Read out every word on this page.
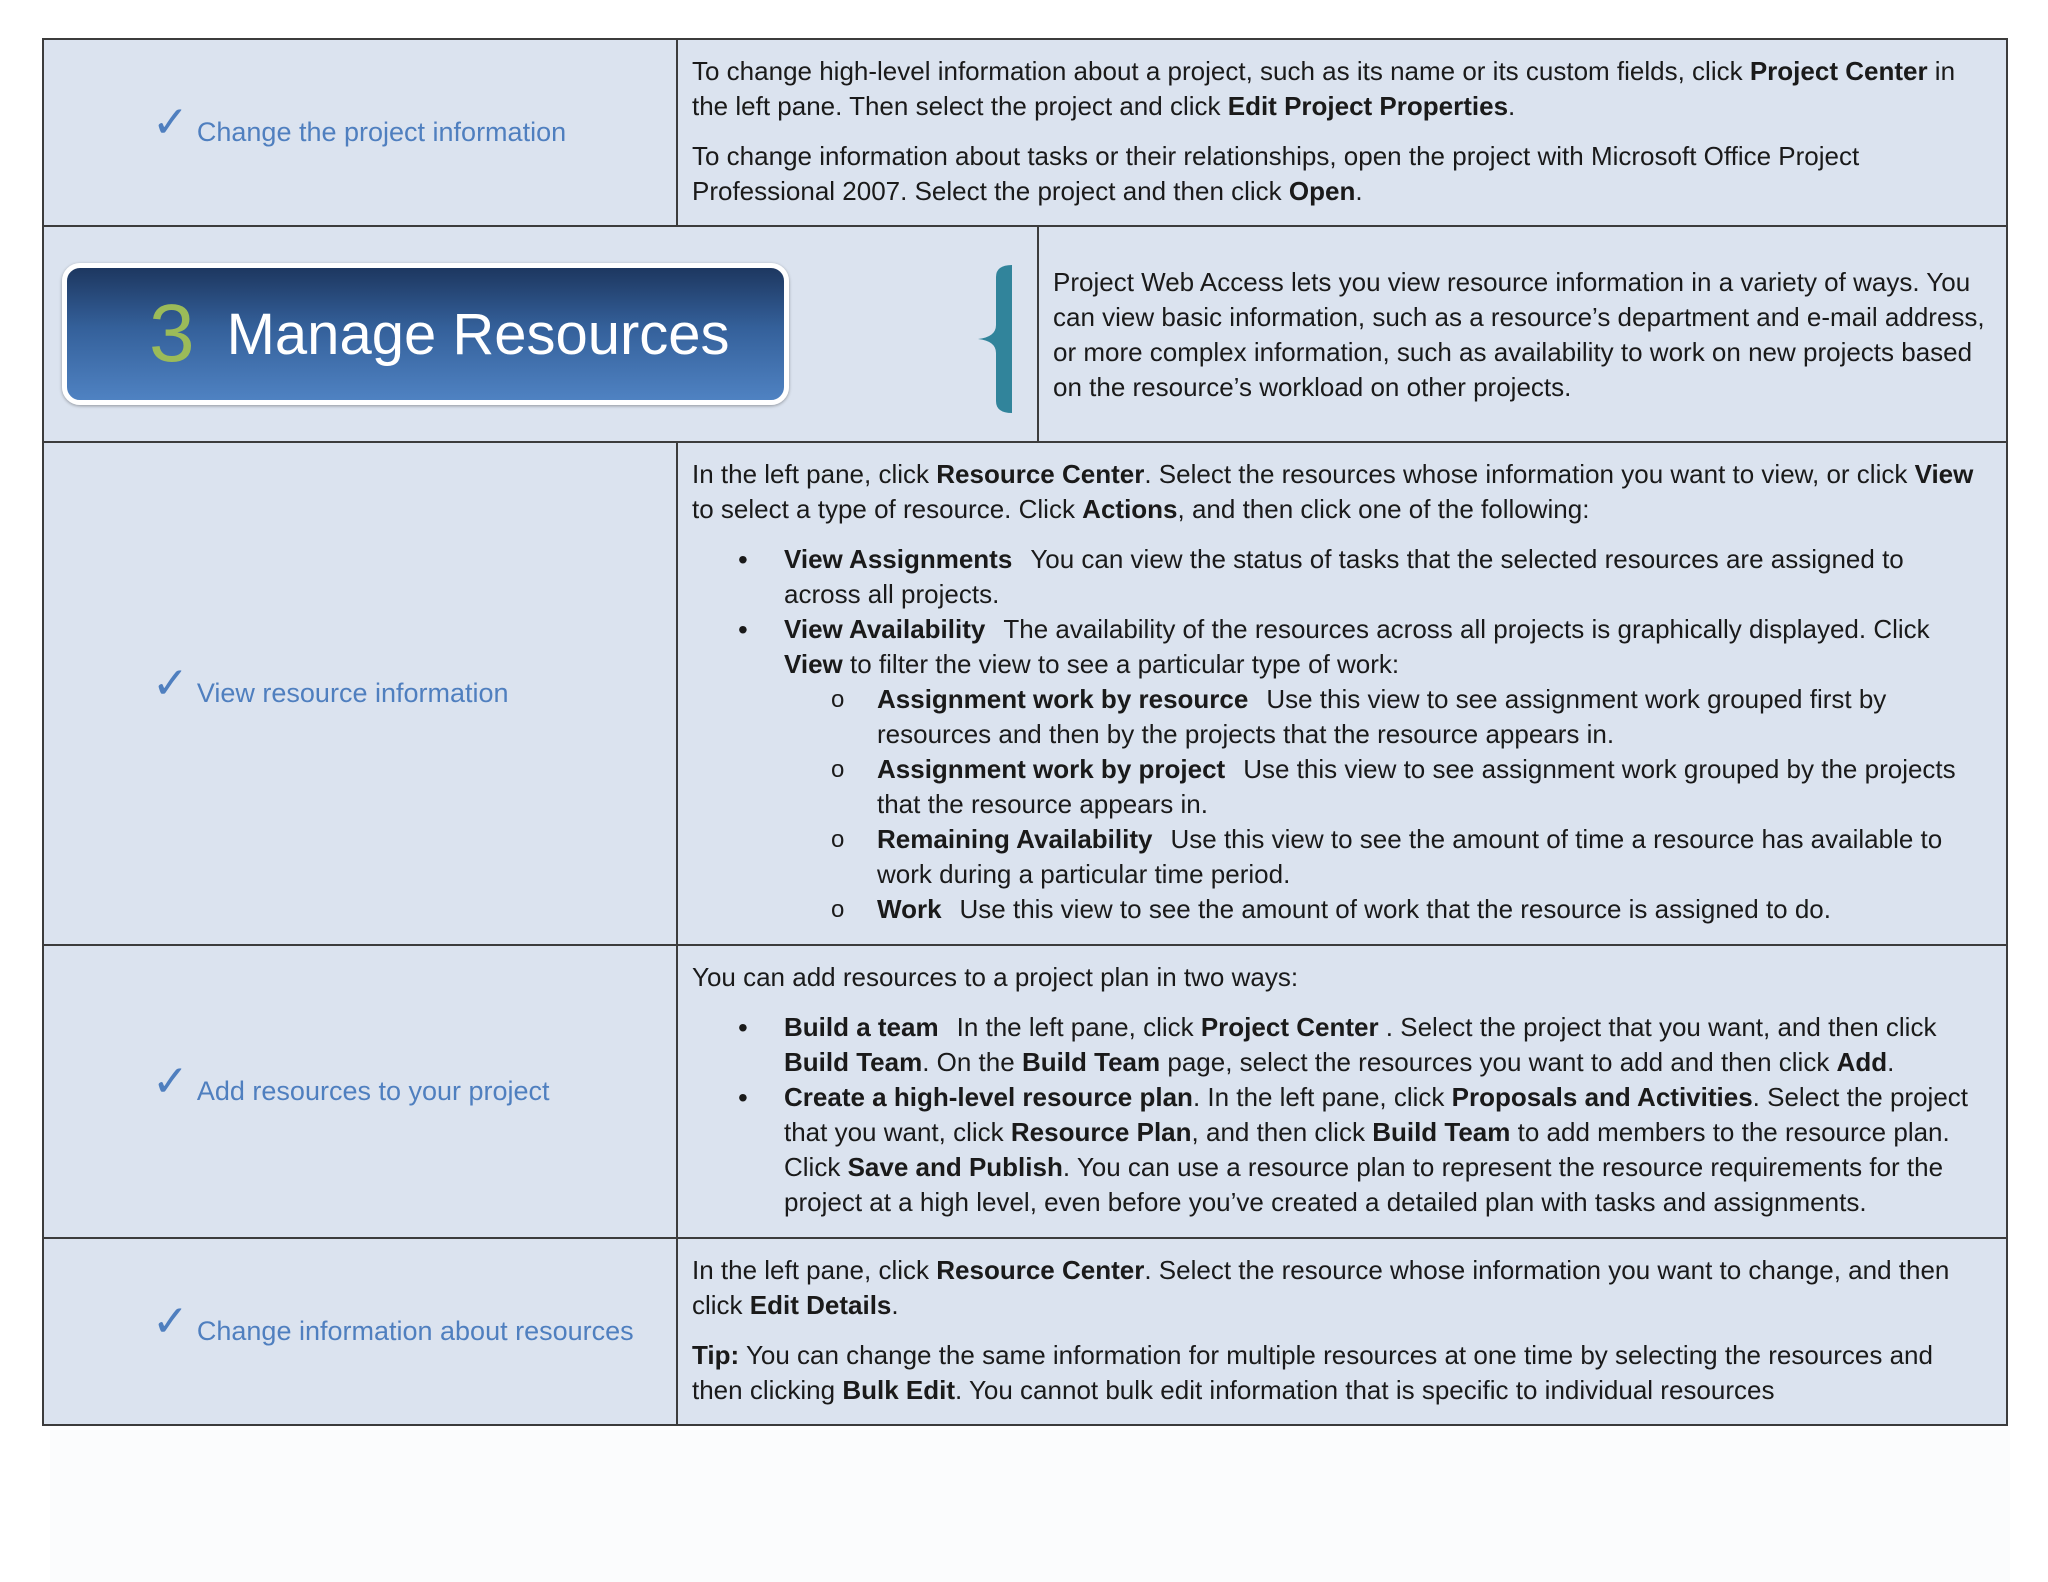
✓ Change the project information

To change high-level information about a project, such as its name or its custom fields, click Project Center in the left pane. Then select the project and click Edit Project Properties.

To change information about tasks or their relationships, open the project with Microsoft Office Project Professional 2007. Select the project and then click Open.

3 Manage Resources
Project Web Access lets you view resource information in a variety of ways. You can view basic information, such as a resource’s department and e-mail address, or more complex information, such as availability to work on new projects based on the resource’s workload on other projects.
✓ View resource information

In the left pane, click Resource Center. Select the resources whose information you want to view, or click View to select a type of resource. Click Actions, and then click one of the following:

• View Assignments You can view the status of tasks that the selected resources are assigned to across all projects.
• View Availability The availability of the resources across all projects is graphically displayed. Click View to filter the view to see a particular type of work:
o Assignment work by resource Use this view to see assignment work grouped first by resources and then by the projects that the resource appears in.
o Assignment work by project Use this view to see assignment work grouped by the projects that the resource appears in.
o Remaining Availability Use this view to see the amount of time a resource has available to work during a particular time period.
o Work Use this view to see the amount of work that the resource is assigned to do.
✓ Add resources to your project

You can add resources to a project plan in two ways:

• Build a team In the left pane, click Project Center . Select the project that you want, and then click Build Team. On the Build Team page, select the resources you want to add and then click Add.
• Create a high-level resource plan. In the left pane, click Proposals and Activities. Select the project that you want, click Resource Plan, and then click Build Team to add members to the resource plan. Click Save and Publish. You can use a resource plan to represent the resource requirements for the project at a high level, even before you’ve created a detailed plan with tasks and assignments.
✓ Change information about resources

In the left pane, click Resource Center. Select the resource whose information you want to change, and then click Edit Details.

Tip: You can change the same information for multiple resources at one time by selecting the resources and then clicking Bulk Edit. You cannot bulk edit information that is specific to individual resources
